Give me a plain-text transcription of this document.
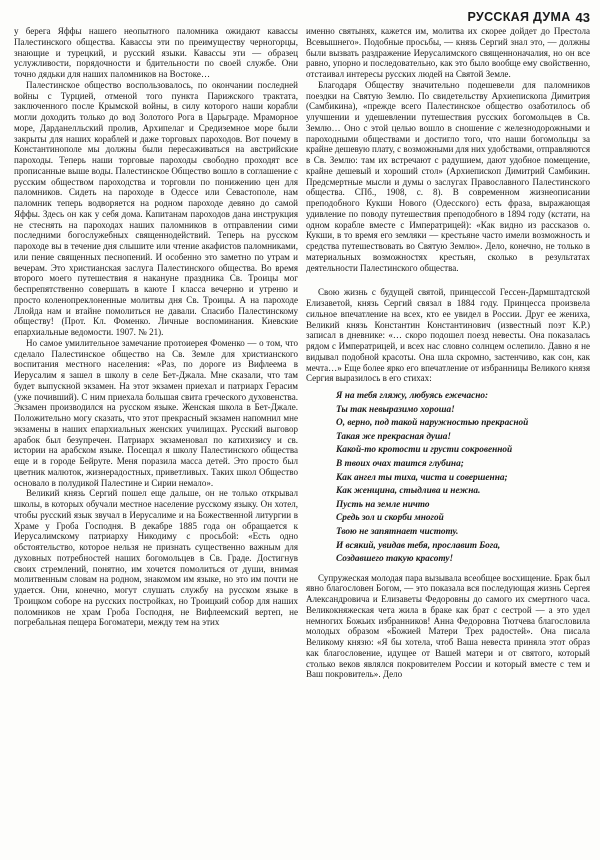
РУССКАЯ ДУМА 43

у берега Яффы нашего неопытного паломника ожидают кавассы Палестинского общества. Кавассы эти по преимуществу черногорцы, знающие и турецкий, и русский языки. Кавассы эти — образец услужливости, порядочности и бдительности по своей службе. Они точно дядьки для наших паломников на Востоке…

Палестинское общество воспользовалось, по окончании последней войны с Турцией, отменой того пункта Парижского трактата, заключенного после Крымской войны, в силу которого наши корабли могли доходить только до вод Золотого Рога в Царьграде. Мраморное море, Дарданелльский пролив, Архипелаг и Средиземное море были закрыты для наших кораблей и даже торговых пароходов. Вот почему в Константинополе мы должны были пересаживаться на австрийские пароходы. Теперь наши торговые пароходы свободно проходят все прописанные выше воды. Палестинское Общество вошло в соглашение с русским обществом пароходства и торговли по понижению цен для паломников. Сидеть на пароходе в Одессе или Севастополе, нам паломник теперь водворяется на родном пароходе девяно до самой Яффы. Здесь он как у себя дома. Капитанам пароходов дана инструкция не стеснять на пароходах наших паломников в отправлении сими последними богослужебных священнодействий. Теперь на русском пароходе вы в течение дня слышите или чтение акафистов паломниками, или пение священных песнопений. И особенно это заметно по утрам и вечерам. Это христианская заслуга Палестинского общества. Во время второго моего путешествия я накануне праздника Св. Троицы мог беспрепятственно совершать в каюте I класса вечерню и утреню и просто коленопреклоненные молитвы дня Св. Троицы. А на пароходе Ллойда нам и втайне помолиться не давали. Спасибо Палестинскому обществу! (Прот. Кл. Фоменко. Личные воспоминания. Киевские епархиальные ведомости. 1907. № 21).

Но самое умилительное замечание протоиерея Фоменко — о том, что сделало Палестинское общество на Св. Земле для христианского воспитания местного населения: «Раз, по дороге из Вифлеема в Иерусалим я зашел в школу в селе Бет-Джала. Мне сказали, что там будет выпускной экзамен. На этот экзамен приехал и патриарх Герасим (уже почивший). С ним приехала большая свита греческого духовенства. Экзамен производился на русском языке. Женская школа в Бет-Джале. Положительно могу сказать, что этот прекрасный экзамен напомнил мне экзамены в наших епархиальных женских училищах. Русский выговор арабок был безупречен. Патриарх экзаменовал по катихизису и св. истории на арабском языке. Посещал я школу Палестинского общества еще и в городе Бейруте. Меня поразила масса детей. Это просто был цветник малюток, жизнерадостных, приветливых. Таких школ Общество основало в полудикой Палестине и Сирии немало».

Великий князь Сергий пошел еще дальше, он не только открывал школы, в которых обучали местное население русскому языку. Он хотел, чтобы русский язык звучал в Иерусалиме и на Божественной литургии в Храме у Гроба Господня. В декабре 1885 года он обращается к Иерусалимскому патриарху Никодиму с просьбой: «Есть одно обстоятельство, которое нельзя не признать существенно важным для духовных потребностей наших богомольцев в Св. Граде. Достигнув своих стремлений, понятно, им хочется помолиться от души, внимая молитвенным словам на родном, знакомом им языке, но это им почти не удается. Они, конечно, могут слушать службу на русском языке в Троицком соборе на русских постройках, но Троицкий собор для наших поломников не храм Гроба Господня, не Вифлеемский вертеп, не погребальная пещера Богоматери, между тем на этих

именно святынях, кажется им, молитва их скорее дойдет до Престола Всевышнего». Подобные просьбы, — князь Сергий знал это, — должны были вызвать раздражение Иерусалимского священноначалия, но он все равно, упорно и последовательно, как это было вообще ему свойственно, отстаивал интересы русских людей на Святой Земле.

Благодаря Обществу значительно подешевели для паломников поездки на Святую Землю. По свидетельству Архиепископа Димитрия (Самбикина), «прежде всего Палестинское общество озаботилось об улучшении и удешевлении путешествия русских богомольцев в Св. Землю… Оно с этой целью вошло в сношение с железнодорожными и пароходными обществами и достигло того, что наши богомольцы за крайне дешевую плату, с возможными для них удобствами, отправляются в Св. Землю: там их встречают с радушием, дают удобное помещение, крайне дешевый и хороший стол» (Архиепископ Димитрий Самбикин. Предсмертные мысли и думы о заслугах Православного Палестинского общества. СПб., 1908, с. 8). В современном жизнеописании преподобного Кукши Нового (Одесского) есть фраза, выражающая удивление по поводу путешествия преподобного в 1894 году (кстати, на одном корабле вместе с Императрицей): «Как видно из рассказов о. Кукши, в то время его земляки — крестьяне часто имели возможность и средства путешествовать во Святую Землю». Дело, конечно, не только в материальных возможностях крестьян, сколько в результатах деятельности Палестинского общества.

Свою жизнь с будущей святой, принцессой Гессен-Дармштадтской Елизаветой, князь Сергий связал в 1884 году. Принцесса произвела сильное впечатление на всех, кто ее увидел в России. Друг ее жениха, Великий князь Константин Константинович (известный поэт К.Р.) записал в дневнике: «… скоро подошел поезд невесты. Она показалась рядом с Императрицей, и всех нас словно солнцем ослепило. Давно я не видывал подобной красоты. Она шла скромно, застенчиво, как сон, как мечта…» Еще более ярко его впечатление от избранницы Великого князя Сергия выразилось в его стихах:

Я на тебя гляжу, любуясь ежечасно:
Ты так невыразимо хороша!
О, верно, под такой наружностью прекрасной
Такая же прекрасная душа!
Какой-то кротости и грусти сокровенной
В твоих очах таится глубина;
Как ангел ты тиха, чиста и совершенна;
Как женщина, стыдлива и нежна.
Пусть на земле ничто
Средь зол и скорби многой
Твою не запятнает чистоту.
И всякий, увидав тебя, прославит Бога,
Создавшего такую красоту!

Супружеская молодая пара вызывала всеобщее восхищение. Брак был явно благословен Богом, — это показала вся последующая жизнь Сергея Александровича и Елизаветы Федоровны до самого их смертного часа. Великокняжеская чета жила в браке как брат с сестрой — а это удел немногих Божьих избранников! Анна Федоровна Тютчева благословила молодых образом «Божией Матери Трех радостей». Она писала Великому князю: «Я бы хотела, чтоб Ваша невеста приняла этот образ как благословение, идущее от Вашей матери и от святого, который столько веков являлся покровителем России и который вместе с тем и Ваш покровитель». Дело
